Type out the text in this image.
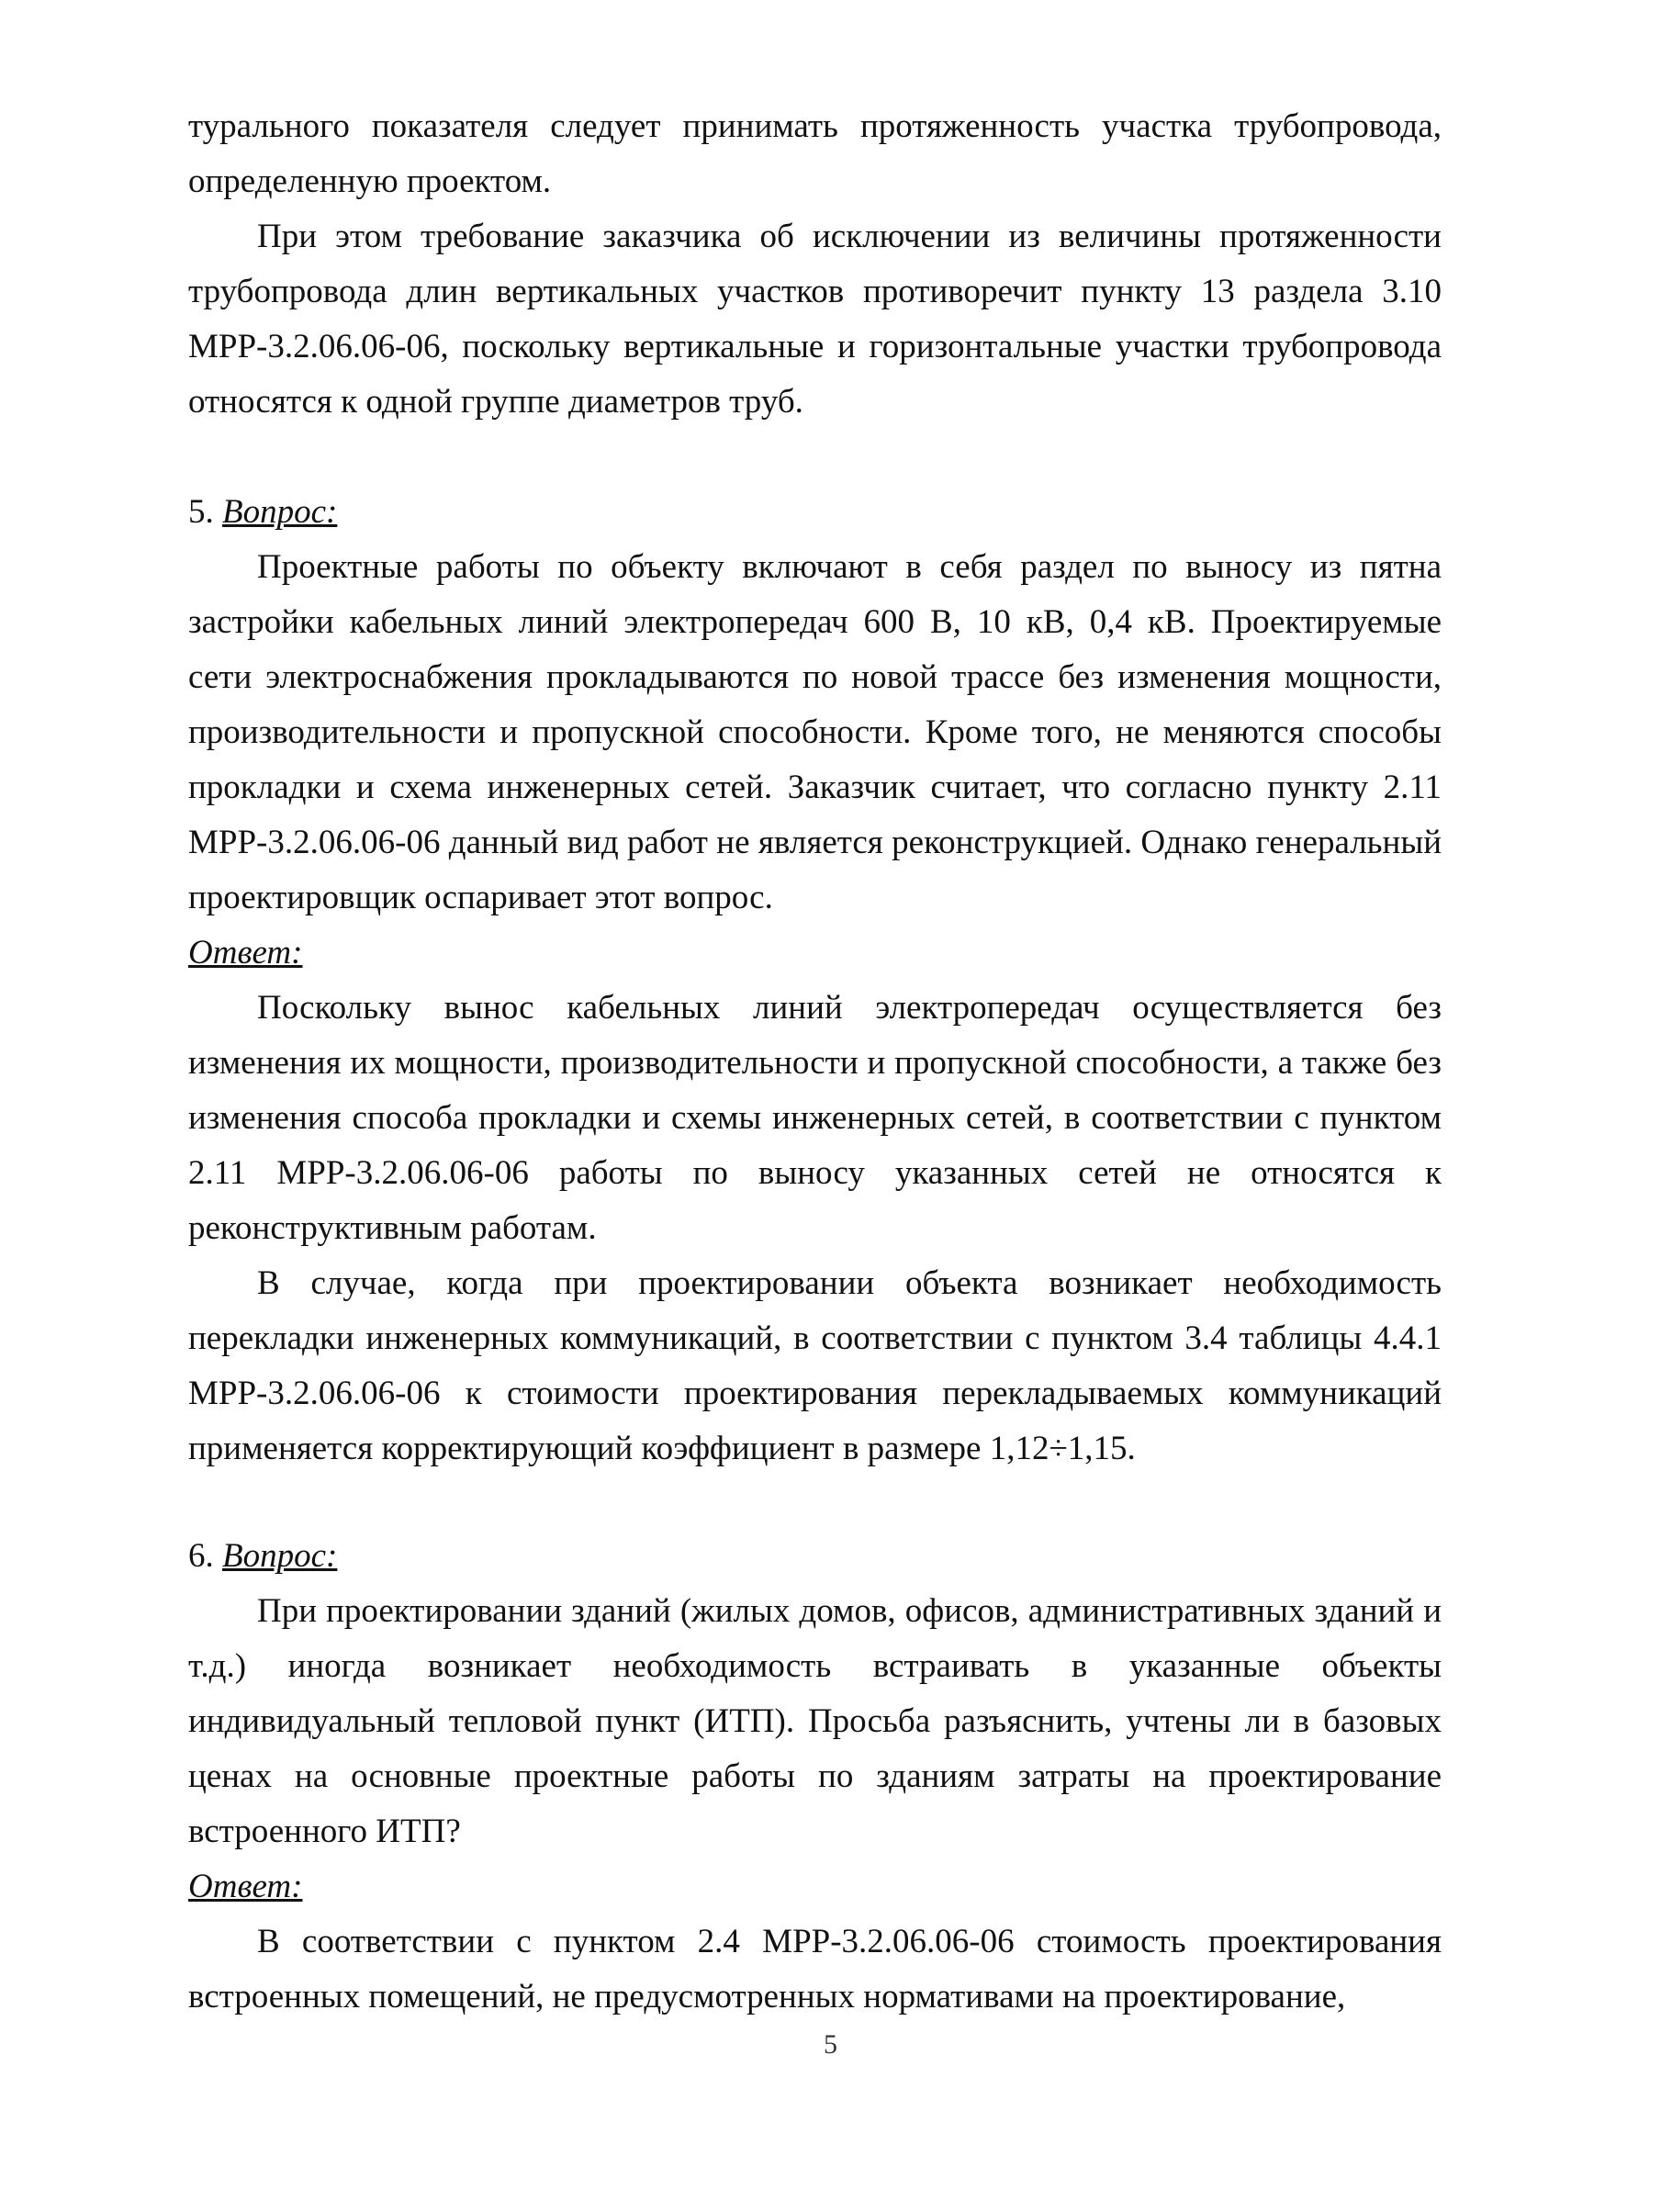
турального показателя следует принимать протяженность участка трубопровода, определенную проектом.

При этом требование заказчика об исключении из величины протяженности трубопровода длин вертикальных участков противоречит пункту 13 раздела 3.10 МРР-3.2.06.06-06, поскольку вертикальные и горизонтальные участки трубопровода относятся к одной группе диаметров труб.

5. Вопрос:

Проектные работы по объекту включают в себя раздел по выносу из пятна застройки кабельных линий электропередач 600 В, 10 кВ, 0,4 кВ. Проектируемые сети электроснабжения прокладываются по новой трассе без изменения мощности, производительности и пропускной способности. Кроме того, не меняются способы прокладки и схема инженерных сетей. Заказчик считает, что согласно пункту 2.11 МРР-3.2.06.06-06 данный вид работ не является реконструкцией. Однако генеральный проектировщик оспаривает этот вопрос.

Ответ:

Поскольку вынос кабельных линий электропередач осуществляется без изменения их мощности, производительности и пропускной способности, а также без изменения способа прокладки и схемы инженерных сетей, в соответствии с пунктом 2.11 МРР-3.2.06.06-06 работы по выносу указанных сетей не относятся к реконструктивным работам.

В случае, когда при проектировании объекта возникает необходимость перекладки инженерных коммуникаций, в соответствии с пунктом 3.4 таблицы 4.4.1 МРР-3.2.06.06-06 к стоимости проектирования перекладываемых коммуникаций применяется корректирующий коэффициент в размере 1,12÷1,15.

6. Вопрос:

При проектировании зданий (жилых домов, офисов, административных зданий и т.д.) иногда возникает необходимость встраивать в указанные объекты индивидуальный тепловой пункт (ИТП). Просьба разъяснить, учтены ли в базовых ценах на основные проектные работы по зданиям затраты на проектирование встроенного ИТП?

Ответ:

В соответствии с пунктом 2.4 МРР-3.2.06.06-06 стоимость проектирования встроенных помещений, не предусмотренных нормативами на проектирование,

5
